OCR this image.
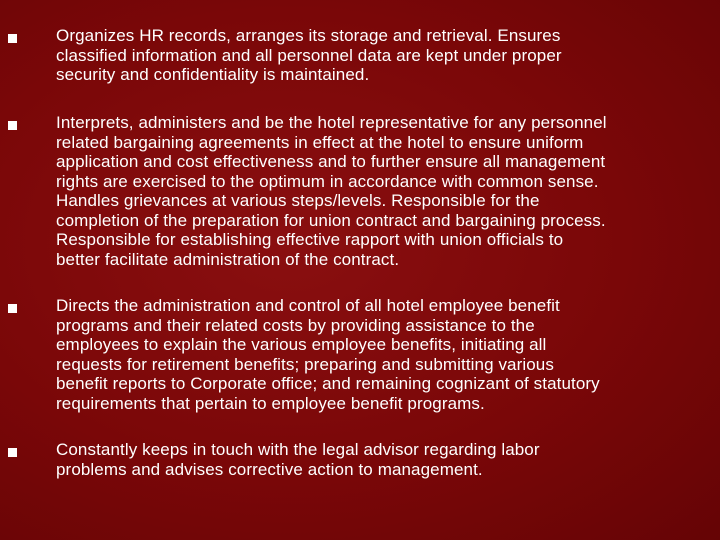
Organizes HR records, arranges its storage and retrieval. Ensures
classified information and all personnel data are kept under proper
security and confidentiality is maintained.
Interprets, administers and be the hotel representative for any personnel
related bargaining agreements in effect at the hotel to ensure uniform
application and cost effectiveness and to further ensure all management
rights are exercised to the optimum in accordance with common sense.
Handles grievances at various steps/levels. Responsible for the
completion of the preparation for union contract and bargaining process.
Responsible for establishing effective rapport with union officials to
better facilitate administration of the contract.
Directs the administration and control of all hotel employee benefit
programs and their related costs by providing assistance to the
employees to explain the various employee benefits, initiating all
requests for retirement benefits; preparing and submitting various
benefit reports to Corporate office; and remaining cognizant of statutory
requirements that pertain to employee benefit programs.
Constantly keeps in touch with the legal advisor regarding labor
problems and advises corrective action to management.
